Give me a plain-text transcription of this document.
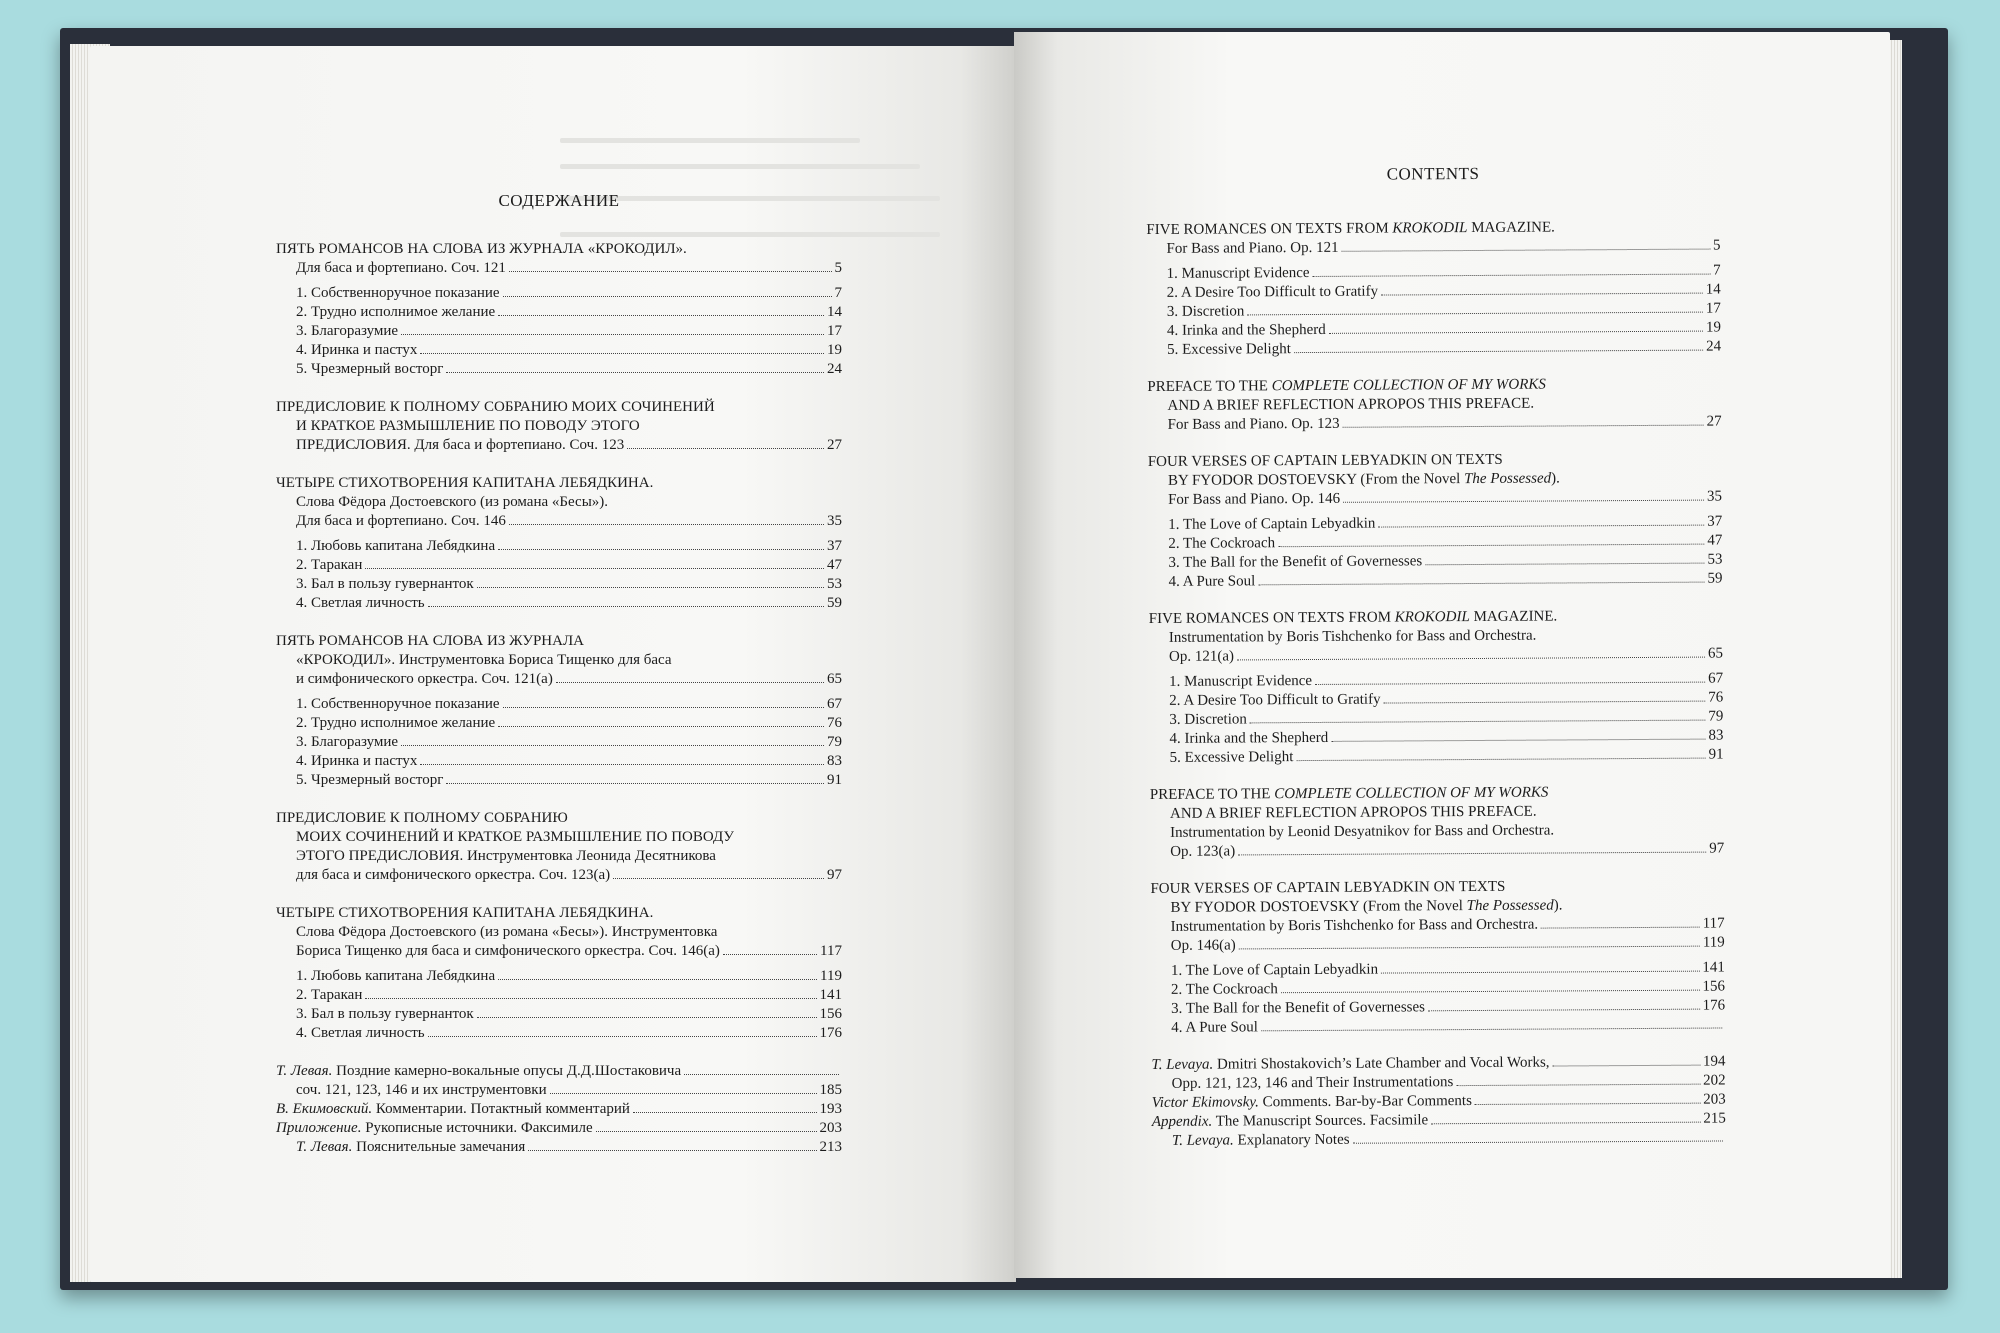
СОДЕРЖАНИЕ
ПЯТЬ РОМАНСОВ НА СЛОВА ИЗ ЖУРНАЛА «КРОКОДИЛ».
Для баса и фортепиано. Соч. 121	5
1. Собственноручное показание	7
2. Трудно исполнимое желание	14
3. Благоразумие	17
4. Иринка и пастух	19
5. Чрезмерный восторг	24
ПРЕДИСЛОВИЕ К ПОЛНОМУ СОБРАНИЮ МОИХ СОЧИНЕНИЙ
И КРАТКОЕ РАЗМЫШЛЕНИЕ ПО ПОВОДУ ЭТОГО
ПРЕДИСЛОВИЯ. Для баса и фортепиано. Соч. 123	27
ЧЕТЫРЕ СТИХОТВОРЕНИЯ КАПИТАНА ЛЕБЯДКИНА.
Слова Фёдора Достоевского (из романа «Бесы»).
Для баса и фортепиано. Соч. 146	35
1. Любовь капитана Лебядкина	37
2. Таракан	47
3. Бал в пользу гувернанток	53
4. Светлая личность	59
ПЯТЬ РОМАНСОВ НА СЛОВА ИЗ ЖУРНАЛА
«КРОКОДИЛ». Инструментовка Бориса Тищенко для баса
и симфонического оркестра. Соч. 121(а)	65
1. Собственноручное показание	67
2. Трудно исполнимое желание	76
3. Благоразумие	79
4. Иринка и пастух	83
5. Чрезмерный восторг	91
ПРЕДИСЛОВИЕ К ПОЛНОМУ СОБРАНИЮ
МОИХ СОЧИНЕНИЙ И КРАТКОЕ РАЗМЫШЛЕНИЕ ПО ПОВОДУ
ЭТОГО ПРЕДИСЛОВИЯ. Инструментовка Леонида Десятникова
для баса и симфонического оркестра. Соч. 123(а)	97
ЧЕТЫРЕ СТИХОТВОРЕНИЯ КАПИТАНА ЛЕБЯДКИНА.
Слова Фёдора Достоевского (из романа «Бесы»). Инструментовка
Бориса Тищенко для баса и симфонического оркестра. Соч. 146(а)	117
1. Любовь капитана Лебядкина	119
2. Таракан	141
3. Бал в пользу гувернанток	156
4. Светлая личность	176
Т. Левая. Поздние камерно-вокальные опусы Д.Д.Шостаковича
соч. 121, 123, 146 и их инструментовки	185
В. Екимовский. Комментарии. Потактный комментарий	193
Приложение. Рукописные источники. Факсимиле	203
Т. Левая. Пояснительные замечания	213
CONTENTS
FIVE ROMANCES ON TEXTS FROM KROKODIL MAGAZINE.
For Bass and Piano. Op. 121	5
1. Manuscript Evidence	7
2. A Desire Too Difficult to Gratify	14
3. Discretion	17
4. Irinka and the Shepherd	19
5. Excessive Delight	24
PREFACE TO THE COMPLETE COLLECTION OF MY WORKS
AND A BRIEF REFLECTION APROPOS THIS PREFACE.
For Bass and Piano. Op. 123	27
FOUR VERSES OF CAPTAIN LEBYADKIN ON TEXTS
BY FYODOR DOSTOEVSKY (From the Novel The Possessed).
For Bass and Piano. Op. 146	35
1. The Love of Captain Lebyadkin	37
2. The Cockroach	47
3. The Ball for the Benefit of Governesses	53
4. A Pure Soul	59
FIVE ROMANCES ON TEXTS FROM KROKODIL MAGAZINE.
Instrumentation by Boris Tishchenko for Bass and Orchestra.
Op. 121(a)	65
1. Manuscript Evidence	67
2. A Desire Too Difficult to Gratify	76
3. Discretion	79
4. Irinka and the Shepherd	83
5. Excessive Delight	91
PREFACE TO THE COMPLETE COLLECTION OF MY WORKS
AND A BRIEF REFLECTION APROPOS THIS PREFACE.
Instrumentation by Leonid Desyatnikov for Bass and Orchestra.
Op. 123(a)	97
FOUR VERSES OF CAPTAIN LEBYADKIN ON TEXTS
BY FYODOR DOSTOEVSKY (From the Novel The Possessed).
Instrumentation by Boris Tishchenko for Bass and Orchestra.	117
Op. 146(a)	119
1. The Love of Captain Lebyadkin	141
2. The Cockroach	156
3. The Ball for the Benefit of Governesses	176
4. A Pure Soul
T. Levaya. Dmitri Shostakovich’s Late Chamber and Vocal Works,	194
Opp. 121, 123, 146 and Their Instrumentations	202
Victor Ekimovsky. Comments. Bar-by-Bar Comments	203
Appendix. The Manuscript Sources. Facsimile	215
T. Levaya. Explanatory Notes
